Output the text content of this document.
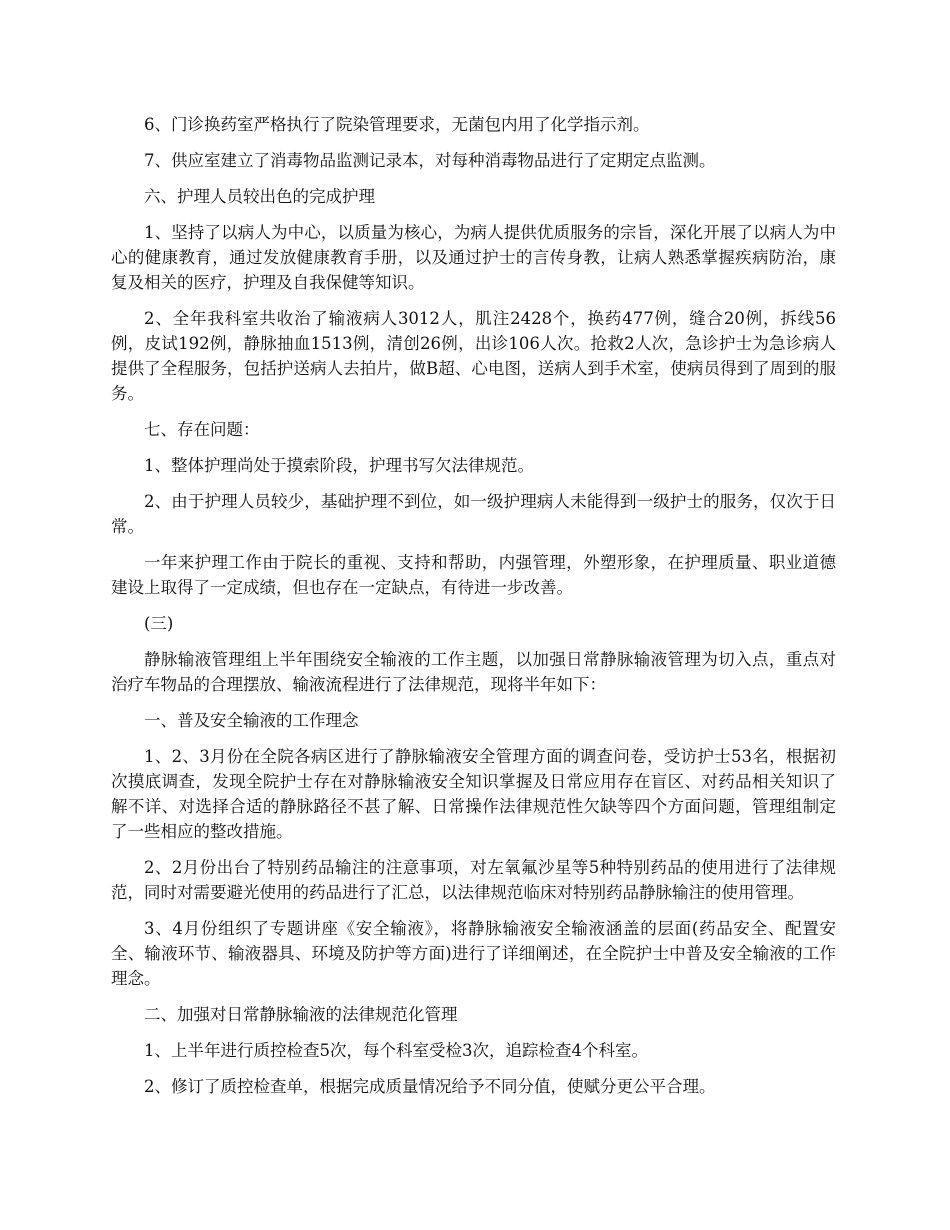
6、门诊换药室严格执行了院染管理要求，无菌包内用了化学指示剂。

7、供应室建立了消毒物品监测记录本，对每种消毒物品进行了定期定点监测。

六、护理人员较出色的完成护理

1、坚持了以病人为中心，以质量为核心，为病人提供优质服务的宗旨，深化开展了以病人为中心的健康教育，通过发放健康教育手册，以及通过护士的言传身教，让病人熟悉掌握疾病防治，康复及相关的医疗，护理及自我保健等知识。

2、全年我科室共收治了输液病人3012人，肌注2428个，换药477例，缝合20例，拆线56例，皮试192例，静脉抽血1513例，清创26例，出诊106人次。抢救2人次，急诊护士为急诊病人提供了全程服务，包括护送病人去拍片，做B超、心电图，送病人到手术室，使病员得到了周到的服务。

七、存在问题：

1、整体护理尚处于摸索阶段，护理书写欠法律规范。

2、由于护理人员较少，基础护理不到位，如一级护理病人未能得到一级护士的服务，仅次于日常。

一年来护理工作由于院长的重视、支持和帮助，内强管理，外塑形象，在护理质量、职业道德建设上取得了一定成绩，但也存在一定缺点，有待进一步改善。

(三)

静脉输液管理组上半年围绕安全输液的工作主题，以加强日常静脉输液管理为切入点，重点对治疗车物品的合理摆放、输液流程进行了法律规范，现将半年如下：

一、普及安全输液的工作理念

1、2、3月份在全院各病区进行了静脉输液安全管理方面的调查问卷，受访护士53名，根据初次摸底调查，发现全院护士存在对静脉输液安全知识掌握及日常应用存在盲区、对药品相关知识了解不详、对选择合适的静脉路径不甚了解、日常操作法律规范性欠缺等四个方面问题，管理组制定了一些相应的整改措施。

2、2月份出台了特别药品输注的注意事项，对左氧氟沙星等5种特别药品的使用进行了法律规范，同时对需要避光使用的药品进行了汇总，以法律规范临床对特别药品静脉输注的使用管理。

3、4月份组织了专题讲座《安全输液》，将静脉输液安全输液涵盖的层面(药品安全、配置安全、输液环节、输液器具、环境及防护等方面)进行了详细阐述，在全院护士中普及安全输液的工作理念。

二、加强对日常静脉输液的法律规范化管理

1、上半年进行质控检查5次，每个科室受检3次，追踪检查4个科室。

2、修订了质控检查单，根据完成质量情况给予不同分值，使赋分更公平合理。
